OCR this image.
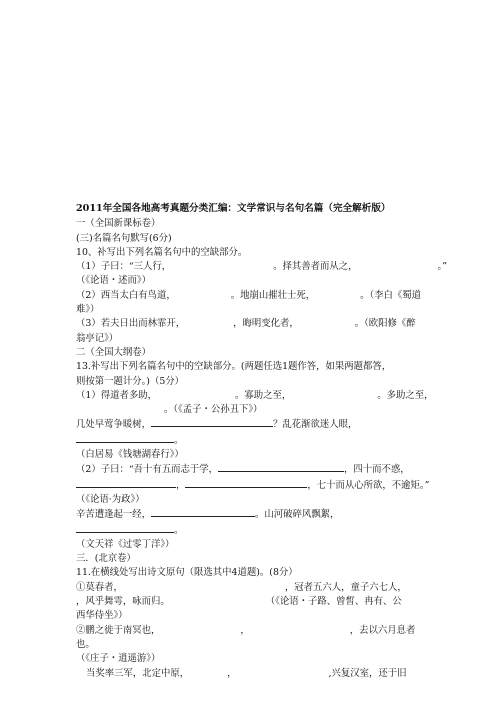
2011年全国各地高考真题分类汇编：文学常识与名句名篇（完全解析版）
一（全国新课标卷）
(三)名篇名句默写(6分)
10、补写出下列名篇名句中的空缺部分。
（1）子曰：“三人行，	。择其善者而从之，	。”
（《论语・述而》）
（2）西当太白有鸟道，	。地崩山摧壮士死，	。（李白《蜀道
难》）
（3）若夫日出而林霏开，	，晦明变化者，	。（欧阳修《醉
翁亭记》）
二（全国大纲卷）
13.补写出下列名篇名句中的空缺部分。(两题任选1题作答，如果两题都答，
则按第一题计分。)（5分）
（1）得道者多助，	。寡助之至，	。多助之至，
。（《孟子・公孙丑下》）
几处早莺争暖树，	？乱花渐欲迷人眼，
。
（白居易《钱塘湖春行》）
（2）子曰：“吾十有五而志于学，	，四十而不惑，
，	，七十而从心所欲，不逾矩。”
（《论语·为政》）
辛苦遭逢起一经，	。山河破碎风飘絮，
。
（文天祥《过零丁洋》）
三．(北京卷）
11.在横线处写出诗文原句（限选其中4道题)。(8分）
①莫春者，	，冠者五六人，童子六七人，
，风乎舞雩，咏而归。	（《论语・子路、曾皙、冉有、公
西华侍坐》）
②鹏之徙于南冥也，	，	，去以六月息者
也。
（《庄子・逍遥游》）
当奖率三军，北定中原，	，	,兴复汉室，还于旧
